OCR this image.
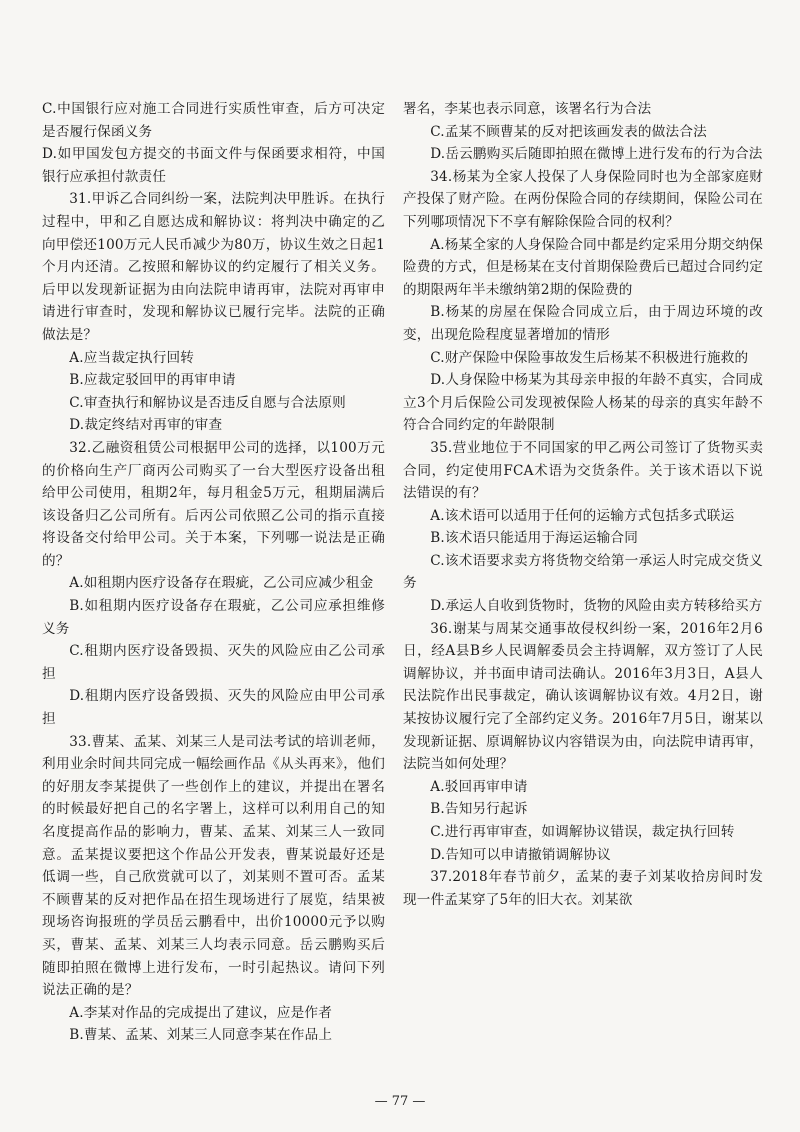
C.中国银行应对施工合同进行实质性审查，后方可决定是否履行保函义务

D.如甲国发包方提交的书面文件与保函要求相符，中国银行应承担付款责任

31.甲诉乙合同纠纷一案，法院判决甲胜诉。在执行过程中，甲和乙自愿达成和解协议：将判决中确定的乙向甲偿还100万元人民币减少为80万，协议生效之日起1个月内还清。乙按照和解协议的约定履行了相关义务。后甲以发现新证据为由向法院申请再审，法院对再审申请进行审查时，发现和解协议已履行完毕。法院的正确做法是？

A.应当裁定执行回转

B.应裁定驳回甲的再审申请

C.审查执行和解协议是否违反自愿与合法原则

D.裁定终结对再审的审查

32.乙融资租赁公司根据甲公司的选择，以100万元的价格向生产厂商丙公司购买了一台大型医疗设备出租给甲公司使用，租期2年，每月租金5万元，租期届满后该设备归乙公司所有。后丙公司依照乙公司的指示直接将设备交付给甲公司。关于本案，下列哪一说法是正确的？

A.如租期内医疗设备存在瑕疵，乙公司应减少租金

B.如租期内医疗设备存在瑕疵，乙公司应承担维修义务

C.租期内医疗设备毁损、灭失的风险应由乙公司承担

D.租期内医疗设备毁损、灭失的风险应由甲公司承担

33.曹某、孟某、刘某三人是司法考试的培训老师，利用业余时间共同完成一幅绘画作品《从头再来》，他们的好朋友李某提供了一些创作上的建议，并提出在署名的时候最好把自己的名字署上，这样可以利用自己的知名度提高作品的影响力，曹某、孟某、刘某三人一致同意。孟某提议要把这个作品公开发表，曹某说最好还是低调一些，自己欣赏就可以了，刘某则不置可否。孟某不顾曹某的反对把作品在招生现场进行了展览，结果被现场咨询报班的学员岳云鹏看中，出价10000元予以购买，曹某、孟某、刘某三人均表示同意。岳云鹏购买后随即拍照在微博上进行发布，一时引起热议。请问下列说法正确的是？

A.李某对作品的完成提出了建议，应是作者

B.曹某、孟某、刘某三人同意李某在作品上

署名，李某也表示同意，该署名行为合法

C.孟某不顾曹某的反对把该画发表的做法合法

D.岳云鹏购买后随即拍照在微博上进行发布的行为合法

34.杨某为全家人投保了人身保险同时也为全部家庭财产投保了财产险。在两份保险合同的存续期间，保险公司在下列哪项情况下不享有解除保险合同的权利？

A.杨某全家的人身保险合同中都是约定采用分期交纳保险费的方式，但是杨某在支付首期保险费后已超过合同约定的期限两年半未缴纳第2期的保险费的

B.杨某的房屋在保险合同成立后，由于周边环境的改变，出现危险程度显著增加的情形

C.财产保险中保险事故发生后杨某不积极进行施救的

D.人身保险中杨某为其母亲申报的年龄不真实，合同成立3个月后保险公司发现被保险人杨某的母亲的真实年龄不符合合同约定的年龄限制

35.营业地位于不同国家的甲乙两公司签订了货物买卖合同，约定使用FCA术语为交货条件。关于该术语以下说法错误的有？

A.该术语可以适用于任何的运输方式包括多式联运

B.该术语只能适用于海运运输合同

C.该术语要求卖方将货物交给第一承运人时完成交货义务

D.承运人自收到货物时，货物的风险由卖方转移给买方

36.谢某与周某交通事故侵权纠纷一案，2016年2月6日，经A县B乡人民调解委员会主持调解，双方签订了人民调解协议，并书面申请司法确认。2016年3月3日，A县人民法院作出民事裁定，确认该调解协议有效。4月2日，谢某按协议履行完了全部约定义务。2016年7月5日，谢某以发现新证据、原调解协议内容错误为由，向法院申请再审，法院当如何处理？

A.驳回再审申请

B.告知另行起诉

C.进行再审审查，如调解协议错误，裁定执行回转

D.告知可以申请撤销调解协议

37.2018年春节前夕，孟某的妻子刘某收拾房间时发现一件孟某穿了5年的旧大衣。刘某欲

— 77 —
